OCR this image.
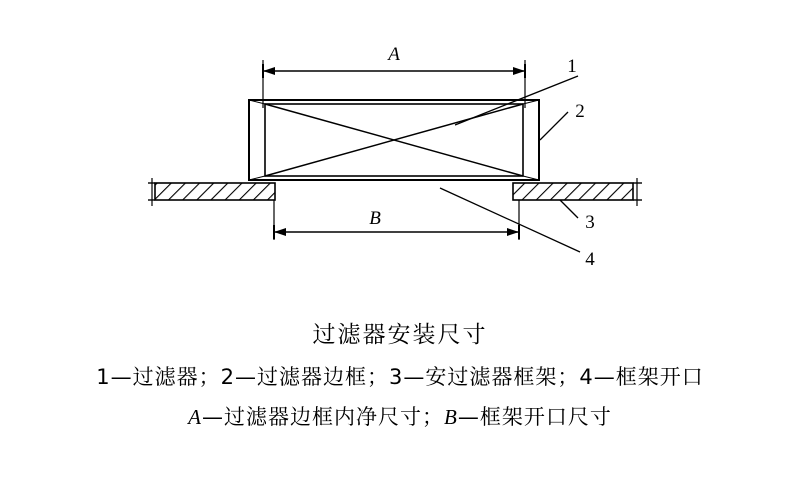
A
1
2
3
4
B
过滤器安装尺寸
1—过滤器；2—过滤器边框；3—安过滤器框架；4—框架开口
A—过滤器边框内净尺寸；B—框架开口尺寸
